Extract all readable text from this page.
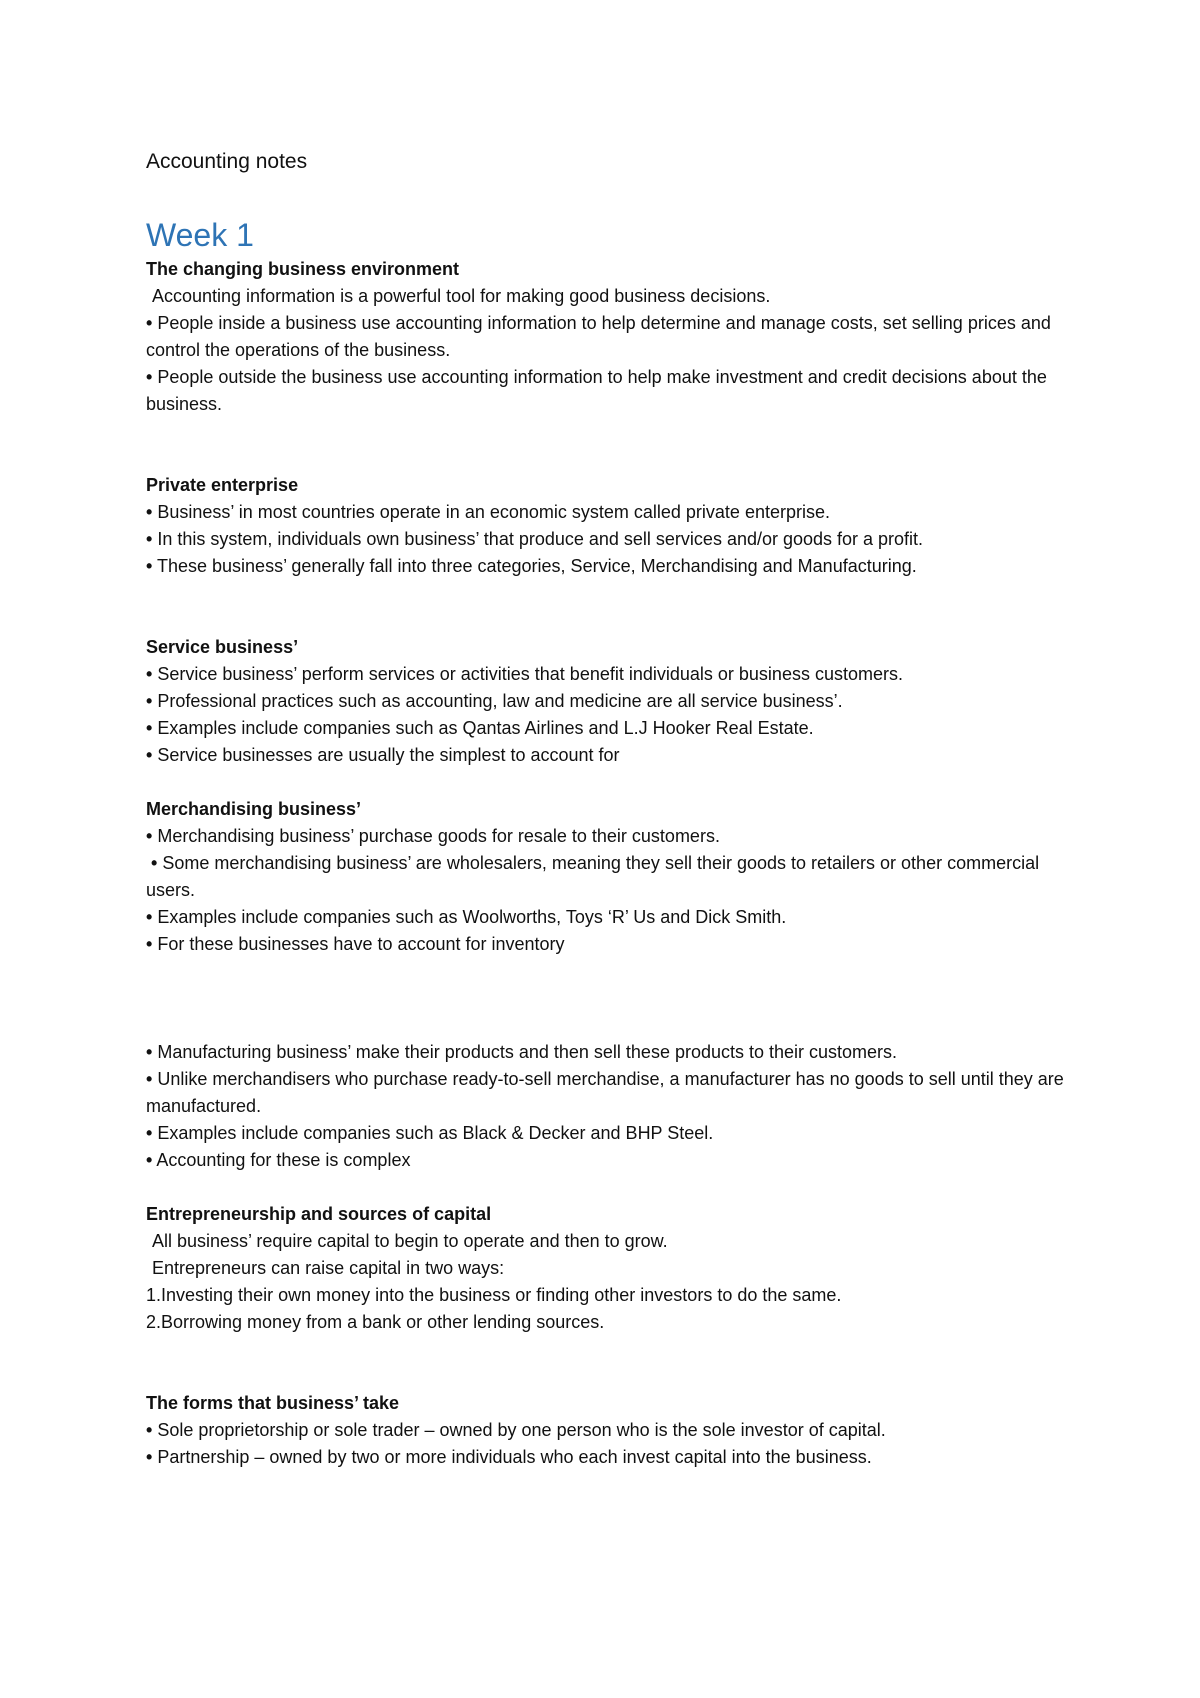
Accounting notes

Week 1

The changing business environment

Accounting information is a powerful tool for making good business decisions.

• People inside a business use accounting information to help determine and manage costs, set selling prices and control the operations of the business.

• People outside the business use accounting information to help make investment and credit decisions about the business.

Private enterprise

• Business’ in most countries operate in an economic system called private enterprise.

• In this system, individuals own business’ that produce and sell services and/or goods for a profit.

• These business’ generally fall into three categories, Service, Merchandising and Manufacturing.

Service business’

• Service business’ perform services or activities that benefit individuals or business customers.

• Professional practices such as accounting, law and medicine are all service business’.

• Examples include companies such as Qantas Airlines and L.J Hooker Real Estate.

• Service businesses are usually the simplest to account for

Merchandising business’

• Merchandising business’ purchase goods for resale to their customers.

• Some merchandising business’ are wholesalers, meaning they sell their goods to retailers or other commercial users.

• Examples include companies such as Woolworths, Toys ‘R’ Us and Dick Smith.

• For these businesses have to account for inventory

• Manufacturing business’ make their products and then sell these products to their customers.

• Unlike merchandisers who purchase ready-to-sell merchandise, a manufacturer has no goods to sell until they are manufactured.

• Examples include companies such as Black & Decker and BHP Steel.

• Accounting for these is complex

Entrepreneurship and sources of capital

All business’ require capital to begin to operate and then to grow.

Entrepreneurs can raise capital in two ways:

1.Investing their own money into the business or finding other investors to do the same.

2.Borrowing money from a bank or other lending sources.

The forms that business’ take

• Sole proprietorship or sole trader – owned by one person who is the sole investor of capital.

• Partnership – owned by two or more individuals who each invest capital into the business.
